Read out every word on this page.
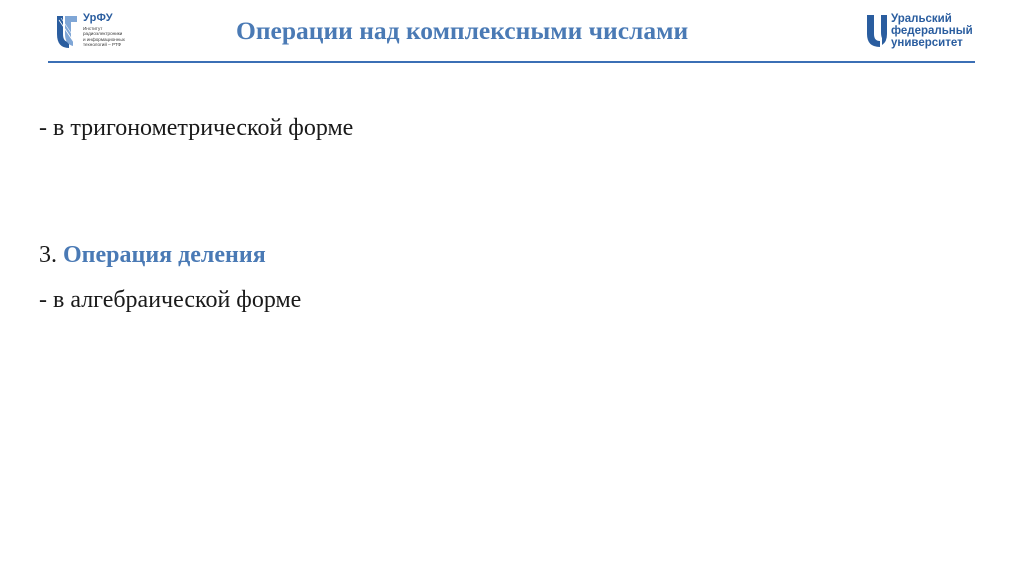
УрФУ
Институт
радиоэлектроники
и информационных
технологий – РТФ	Операции над комплексными числами	Уральский
федеральный
университет
- в тригонометрической форме
3. Операция деления
- в алгебраической форме
